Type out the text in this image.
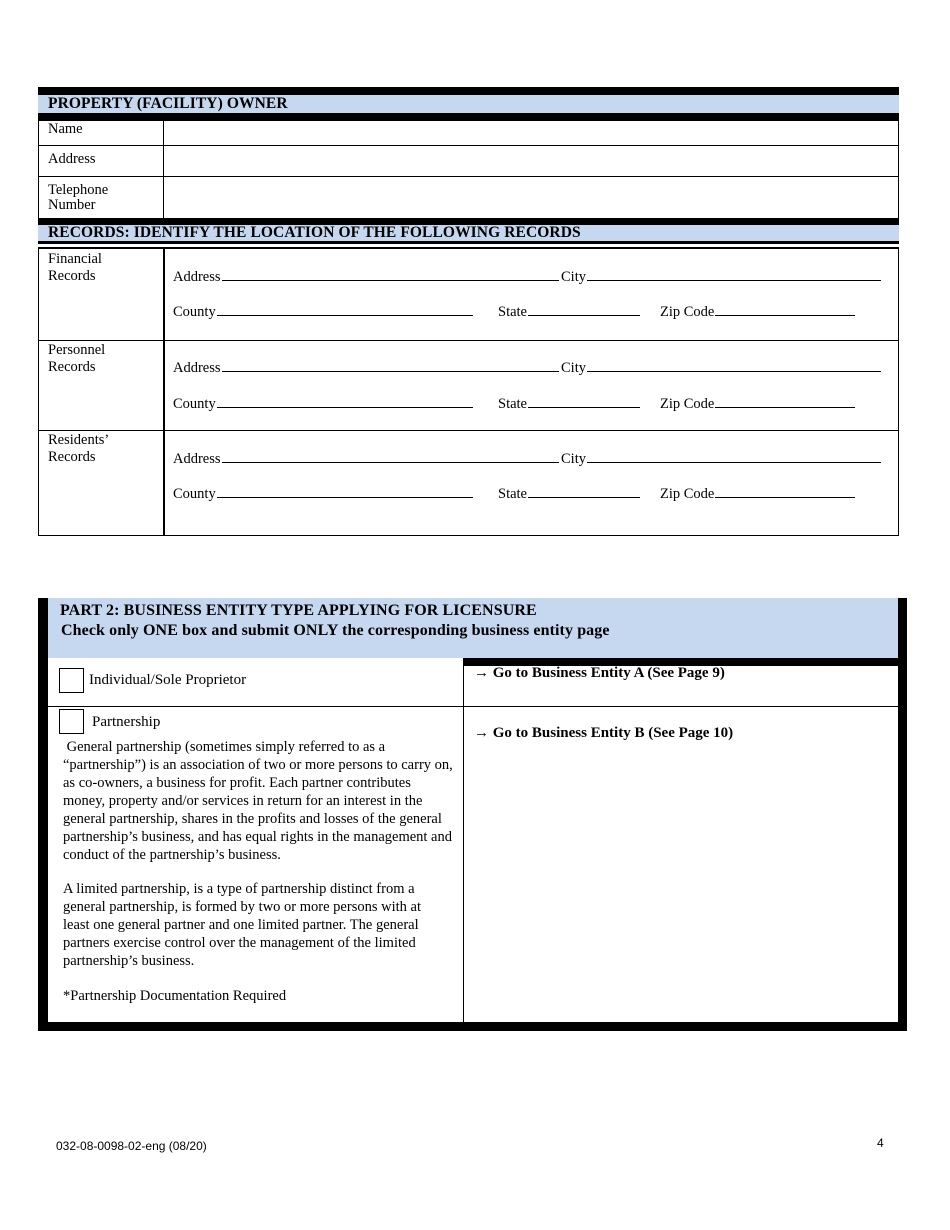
PROPERTY (FACILITY) OWNER
Name
Address
Telephone
Number
RECORDS: IDENTIFY THE LOCATION OF THE FOLLOWING RECORDS
Financial
Records	Address	City
County	State	Zip Code
Personnel
Records	Address	City
County	State	Zip Code
Residents’
Records	Address	City
County	State	Zip Code
PART 2: BUSINESS ENTITY TYPE APPLYING FOR LICENSURE
Check only ONE box and submit ONLY the corresponding business entity page
Individual/Sole Proprietor	→ Go to Business Entity A (See Page 9)
Partnership
→ Go to Business Entity B (See Page 10)
General partnership (sometimes simply referred to as a
“partnership”) is an association of two or more persons to carry on,
as co-owners, a business for profit. Each partner contributes
money, property and/or services in return for an interest in the
general partnership, shares in the profits and losses of the general
partnership’s business, and has equal rights in the management and
conduct of the partnership’s business.
A limited partnership, is a type of partnership distinct from a
general partnership, is formed by two or more persons with at
least one general partner and one limited partner. The general
partners exercise control over the management of the limited
partnership’s business.
*Partnership Documentation Required
032-08-0098-02-eng (08/20)	4
